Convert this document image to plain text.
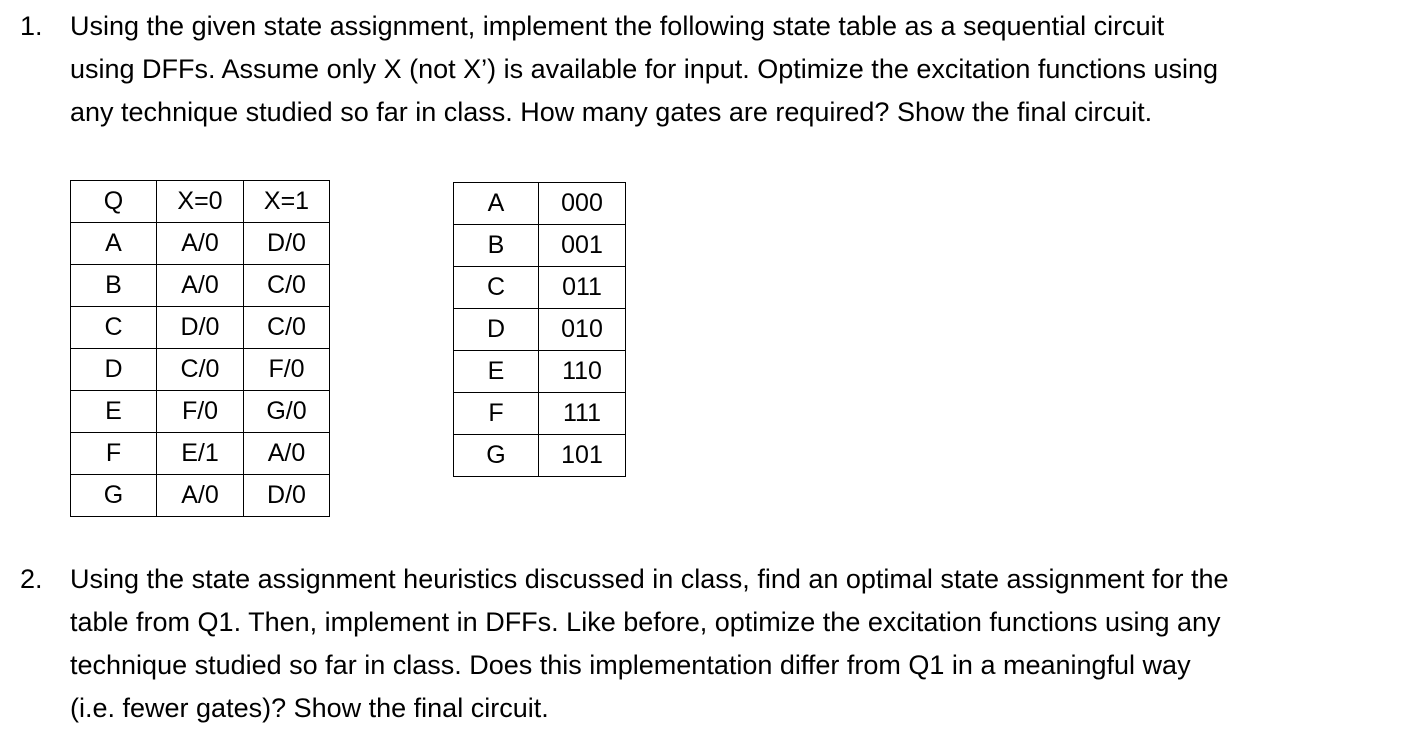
1. Using the given state assignment, implement the following state table as a sequential circuit
using DFFs. Assume only X (not X’) is available for input. Optimize the excitation functions using
any technique studied so far in class. How many gates are required? Show the final circuit.
Q	X=0	X=1
A	A/0	D/0
B	A/0	C/0
C	D/0	C/0
D	C/0	F/0
E	F/0	G/0
F	E/1	A/0
G	A/0	D/0
A	000
B	001
C	011
D	010
E	110
F	111
G	101
2. Using the state assignment heuristics discussed in class, find an optimal state assignment for the
table from Q1. Then, implement in DFFs. Like before, optimize the excitation functions using any
technique studied so far in class. Does this implementation differ from Q1 in a meaningful way
(i.e. fewer gates)? Show the final circuit.
